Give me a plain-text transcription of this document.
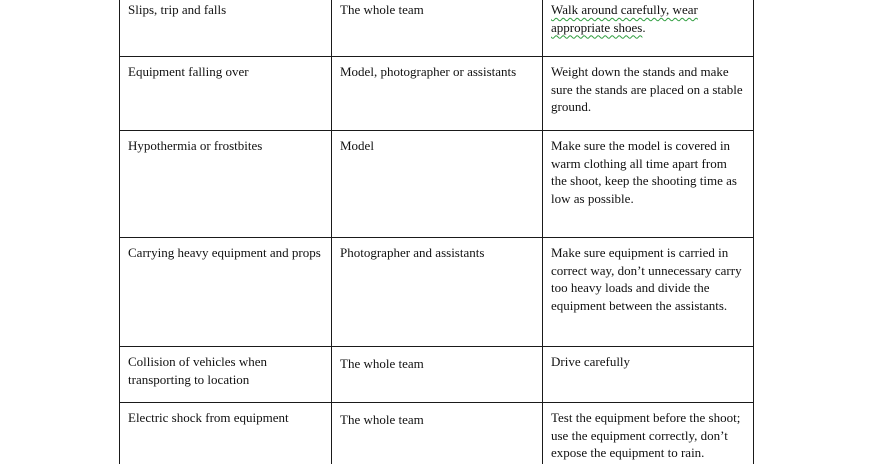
Slips, trip and falls	The whole team	Walk around carefully, wear appropriate shoes.
Equipment falling over	Model, photographer or assistants	Weight down the stands and make sure the stands are placed on a stable ground.
Hypothermia or frostbites	Model	Make sure the model is covered in warm clothing all time apart from the shoot, keep the shooting time as low as possible.
Carrying heavy equipment and props	Photographer and assistants	Make sure equipment is carried in correct way, don’t unnecessary carry too heavy loads and divide the equipment between the assistants.
Collision of vehicles when transporting to location	The whole team	Drive carefully
Electric shock from equipment	The whole team	Test the equipment before the shoot; use the equipment correctly, don’t expose the equipment to rain.
